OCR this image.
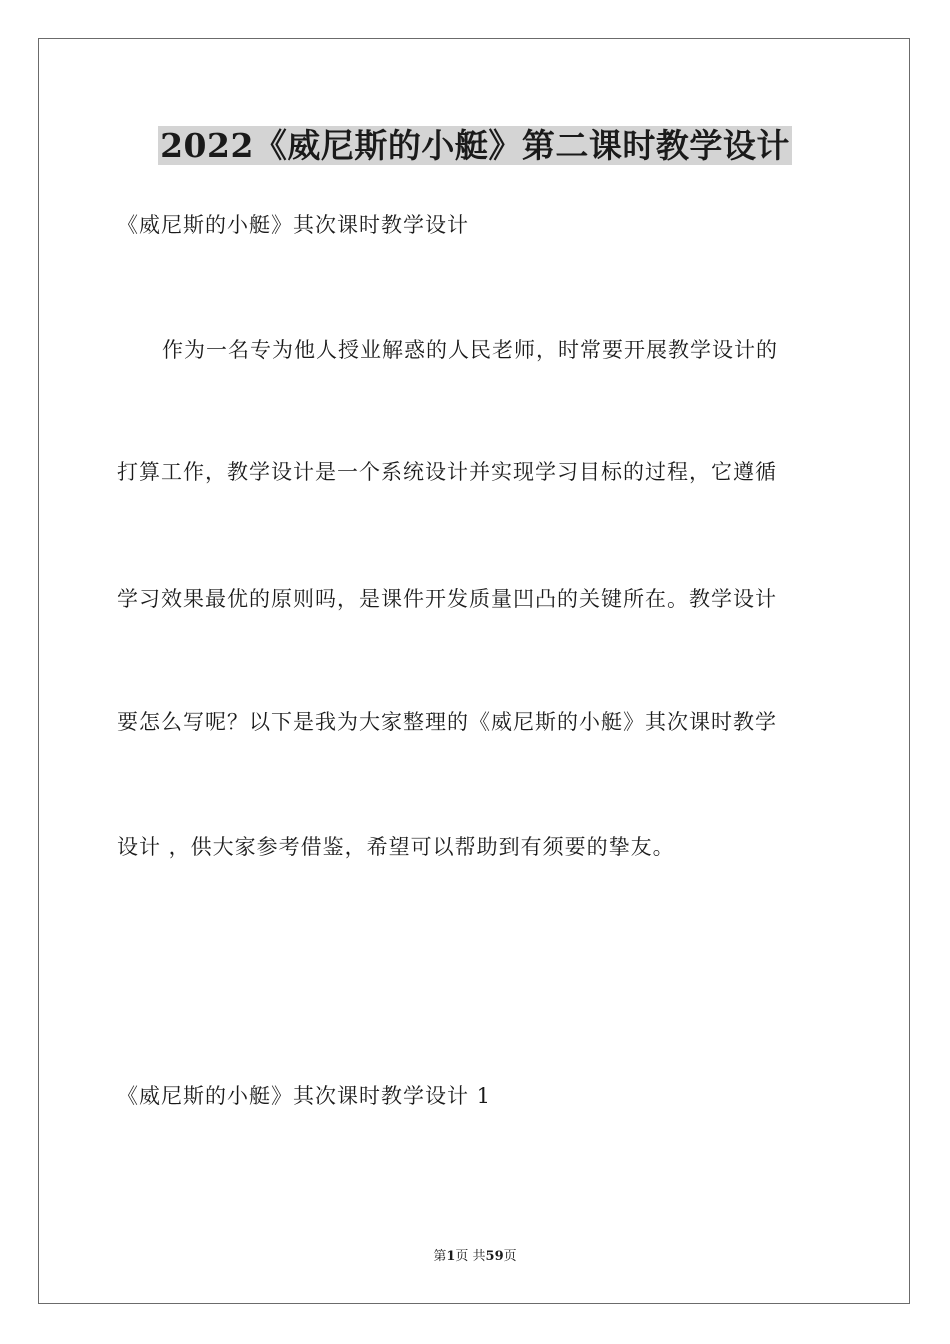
2022《威尼斯的小艇》第二课时教学设计
《威尼斯的小艇》其次课时教学设计
作为一名专为他人授业解惑的人民老师，时常要开展教学设计的
打算工作，教学设计是一个系统设计并实现学习目标的过程，它遵循
学习效果最优的原则吗，是课件开发质量凹凸的关键所在。教学设计
要怎么写呢？以下是我为大家整理的《威尼斯的小艇》其次课时教学
设计 ，供大家参考借鉴，希望可以帮助到有须要的挚友。
《威尼斯的小艇》其次课时教学设计 1
第1页 共59页
